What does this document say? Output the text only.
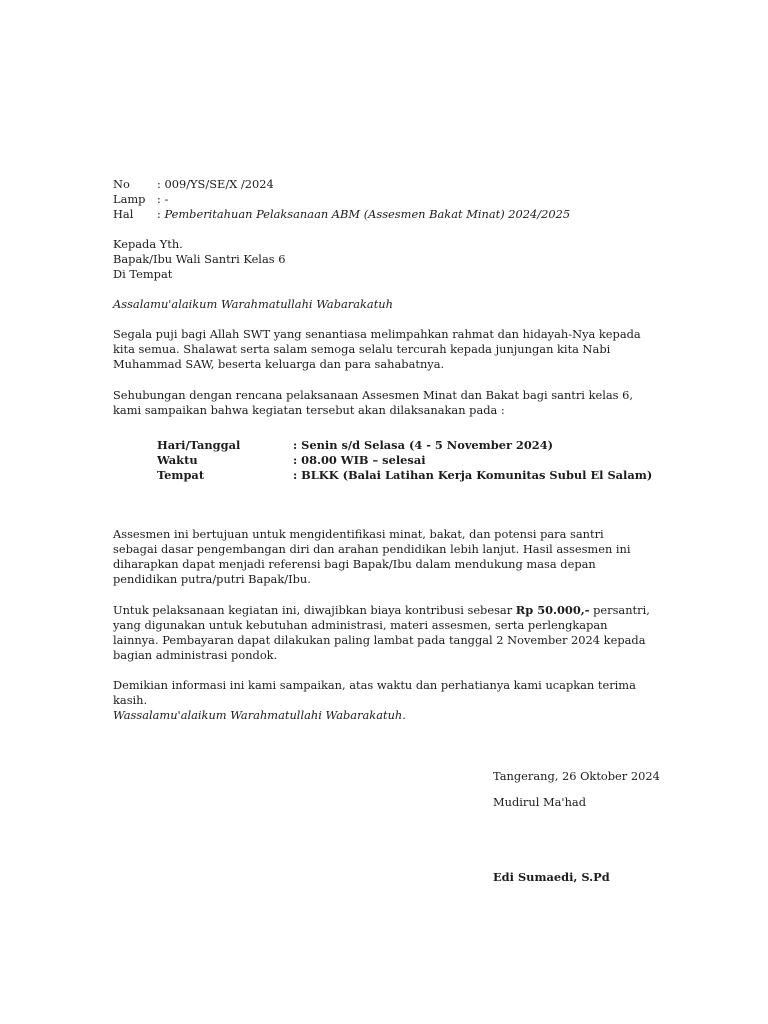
No : 009/YS/SE/X /2024
Lamp : -
Hal : Pemberitahuan Pelaksanaan ABM (Assesmen Bakat Minat) 2024/2025
Kepada Yth.
Bapak/Ibu Wali Santri Kelas 6
Di Tempat
Assalamu'alaikum Warahmatullahi Wabarakatuh
Segala puji bagi Allah SWT yang senantiasa melimpahkan rahmat dan hidayah-Nya kepada
kita semua. Shalawat serta salam semoga selalu tercurah kepada junjungan kita Nabi
Muhammad SAW, beserta keluarga dan para sahabatnya.
Sehubungan dengan rencana pelaksanaan Assesmen Minat dan Bakat bagi santri kelas 6,
kami sampaikan bahwa kegiatan tersebut akan dilaksanakan pada :
Hari/Tanggal	: Senin s/d Selasa (4 - 5 November 2024)
Waktu	: 08.00 WIB – selesai
Tempat	: BLKK (Balai Latihan Kerja Komunitas Subul El Salam)
Assesmen ini bertujuan untuk mengidentifikasi minat, bakat, dan potensi para santri
sebagai dasar pengembangan diri dan arahan pendidikan lebih lanjut. Hasil assesmen ini
diharapkan dapat menjadi referensi bagi Bapak/Ibu dalam mendukung masa depan
pendidikan putra/putri Bapak/Ibu.
Untuk pelaksanaan kegiatan ini, diwajibkan biaya kontribusi sebesar Rp 50.000,- persantri,
yang digunakan untuk kebutuhan administrasi, materi assesmen, serta perlengkapan
lainnya. Pembayaran dapat dilakukan paling lambat pada tanggal 2 November 2024 kepada
bagian administrasi pondok.
Demikian informasi ini kami sampaikan, atas waktu dan perhatianya kami ucapkan terima
kasih.
Wassalamu'alaikum Warahmatullahi Wabarakatuh.
Tangerang, 26 Oktober 2024
Mudirul Ma'had
Edi Sumaedi, S.Pd
